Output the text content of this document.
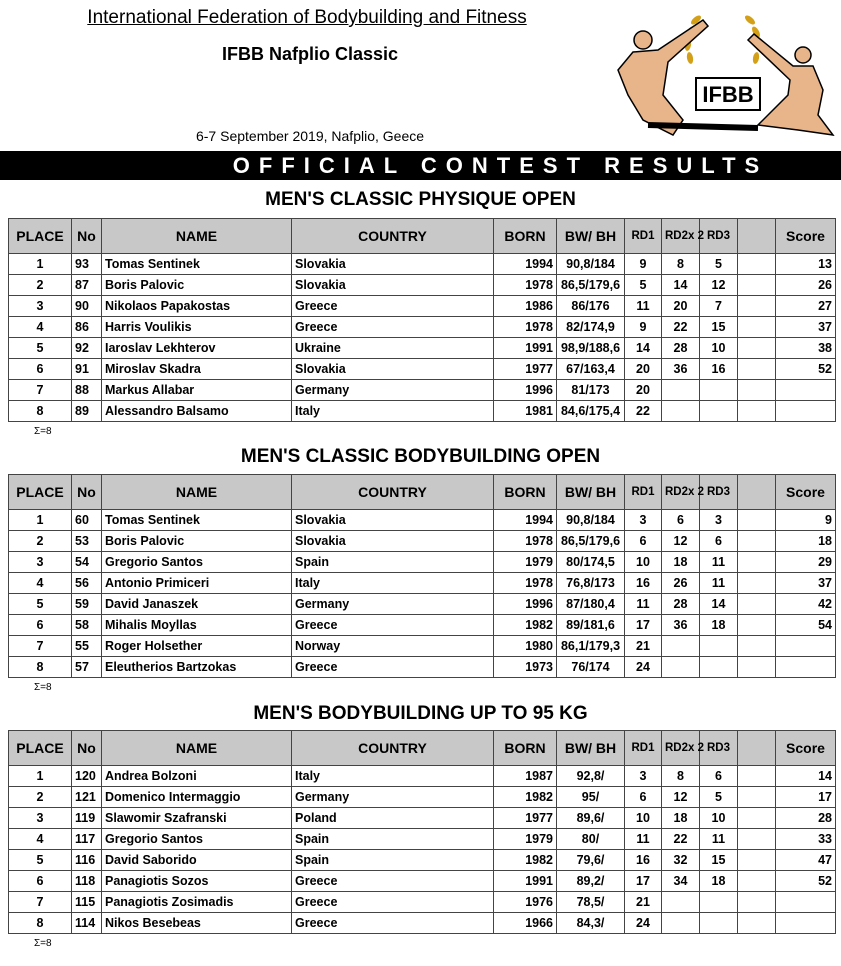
International Federation of Bodybuilding and Fitness
IFBB Nafplio Classic
6-7 September 2019, Nafplio, Geece
IFBB
OFFICIAL CONTEST RESULTS
MEN'S CLASSIC PHYSIQUE OPEN
PLACE	No	NAME	COUNTRY	BORN	BW/ BH	RD1	RD2x 2	RD3		Score
1	93	Tomas Sentinek	Slovakia	1994	90,8/184	9	8	5		13
2	87	Boris Palovic	Slovakia	1978	86,5/179,6	5	14	12		26
3	90	Nikolaos Papakostas	Greece	1986	86/176	11	20	7		27
4	86	Harris Voulikis	Greece	1978	82/174,9	9	22	15		37
5	92	Iaroslav Lekhterov	Ukraine	1991	98,9/188,6	14	28	10		38
6	91	Miroslav Skadra	Slovakia	1977	67/163,4	20	36	16		52
7	88	Markus Allabar	Germany	1996	81/173	20				
8	89	Alessandro Balsamo	Italy	1981	84,6/175,4	22				
Σ=8
MEN'S CLASSIC BODYBUILDING OPEN
PLACE	No	NAME	COUNTRY	BORN	BW/ BH	RD1	RD2x 2	RD3		Score
1	60	Tomas Sentinek	Slovakia	1994	90,8/184	3	6	3		9
2	53	Boris Palovic	Slovakia	1978	86,5/179,6	6	12	6		18
3	54	Gregorio Santos	Spain	1979	80/174,5	10	18	11		29
4	56	Antonio Primiceri	Italy	1978	76,8/173	16	26	11		37
5	59	David Janaszek	Germany	1996	87/180,4	11	28	14		42
6	58	Mihalis Moyllas	Greece	1982	89/181,6	17	36	18		54
7	55	Roger Holsether	Norway	1980	86,1/179,3	21				
8	57	Eleutherios Bartzokas	Greece	1973	76/174	24				
Σ=8
MEN'S BODYBUILDING UP TO 95 KG
PLACE	No	NAME	COUNTRY	BORN	BW/ BH	RD1	RD2x 2	RD3		Score
1	120	Andrea Bolzoni	Italy	1987	92,8/	3	8	6		14
2	121	Domenico Intermaggio	Germany	1982	95/	6	12	5		17
3	119	Slawomir Szafranski	Poland	1977	89,6/	10	18	10		28
4	117	Gregorio Santos	Spain	1979	80/	11	22	11		33
5	116	David Saborido	Spain	1982	79,6/	16	32	15		47
6	118	Panagiotis Sozos	Greece	1991	89,2/	17	34	18		52
7	115	Panagiotis Zosimadis	Greece	1976	78,5/	21				
8	114	Nikos Besebeas	Greece	1966	84,3/	24				
Σ=8
